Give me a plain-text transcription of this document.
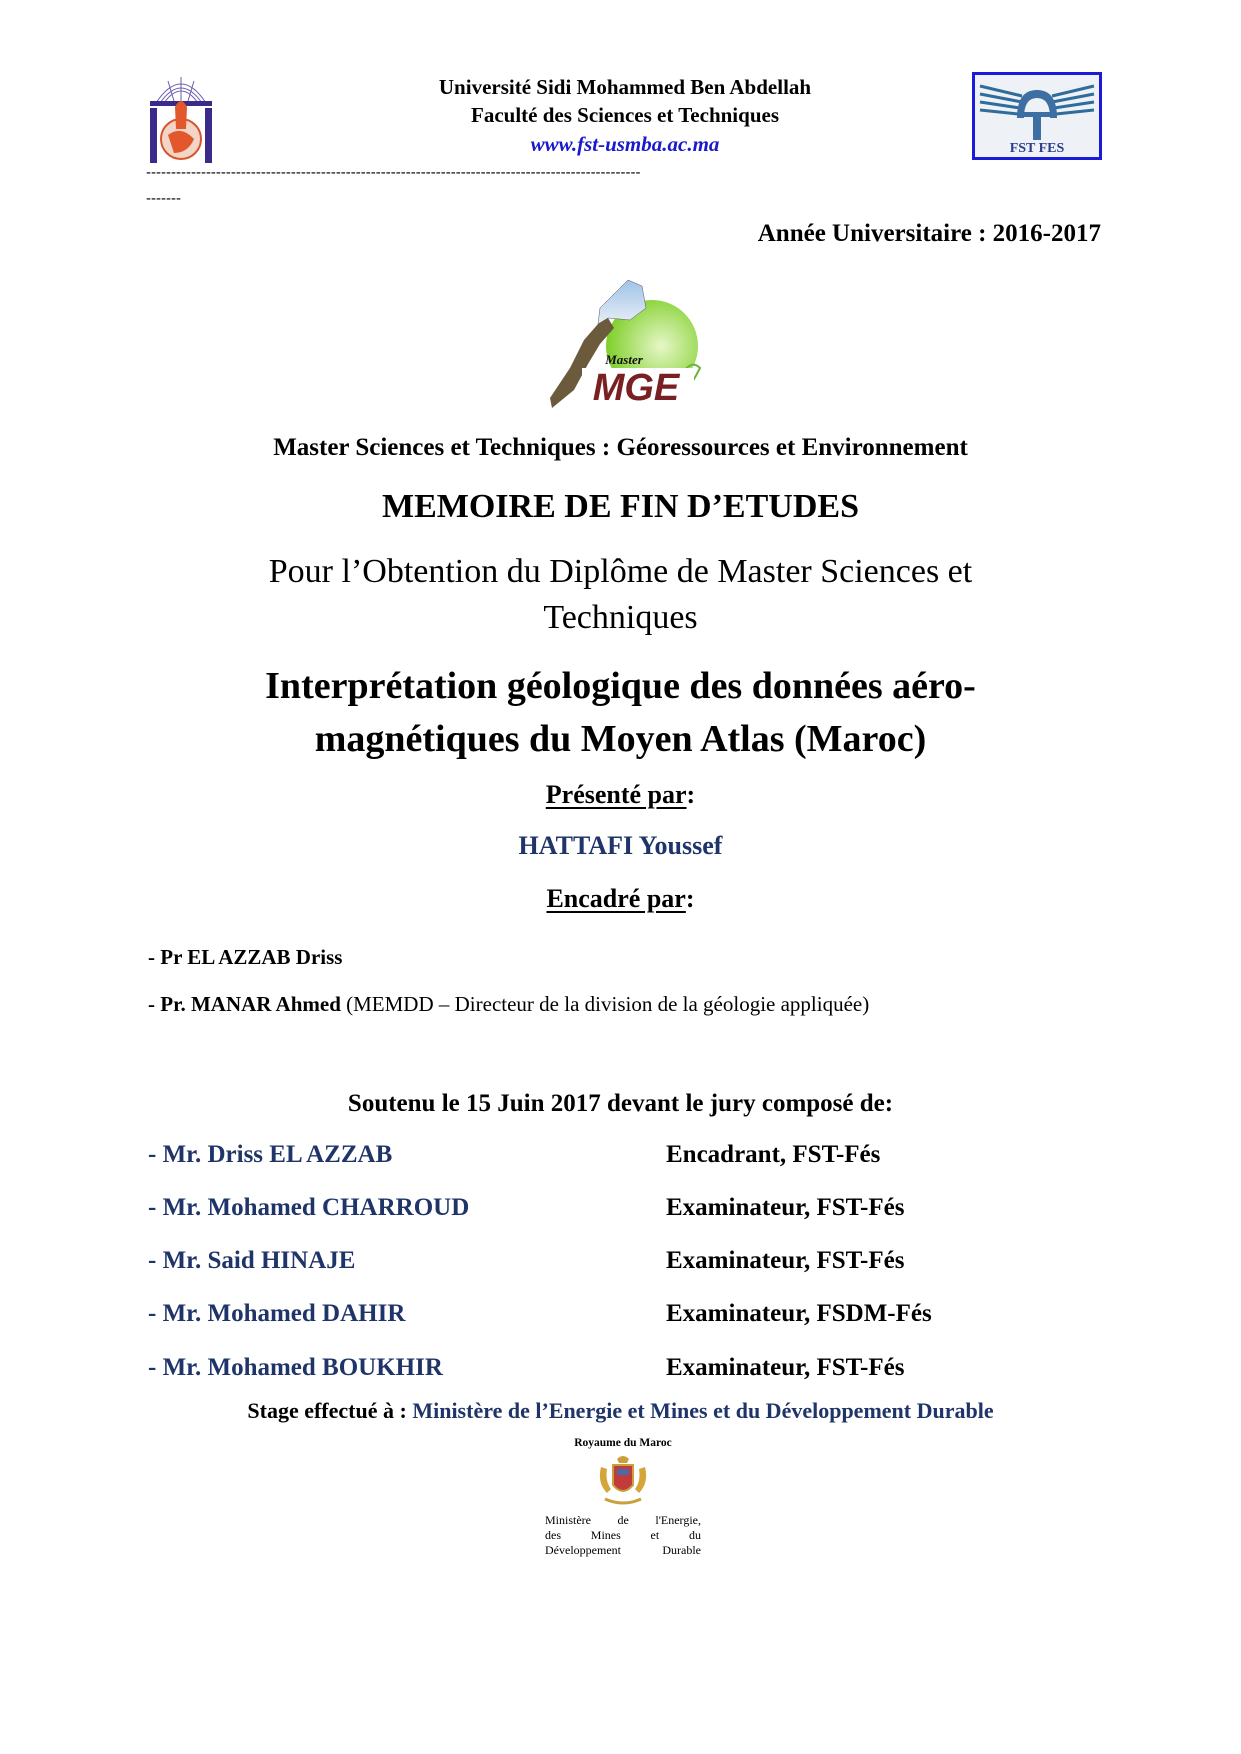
Université Sidi Mohammed Ben Abdellah
Faculté des Sciences et Techniques
www.fst-usmba.ac.ma	FST FES
---------------------------------------------------------------------------------------------------
-------
Année Universitaire : 2016-2017
Master
MGE
Master Sciences et Techniques : Géoressources et Environnement
MEMOIRE DE FIN D’ETUDES
Pour l’Obtention du Diplôme de Master Sciences et
Techniques
Interprétation géologique des données aéro-
magnétiques du Moyen Atlas (Maroc)
Présenté par:
HATTAFI Youssef
Encadré par:
- Pr EL AZZAB Driss
- Pr. MANAR Ahmed (MEMDD – Directeur de la division de la géologie appliquée)
Soutenu le 15 Juin 2017 devant le jury composé de:
- Mr. Driss EL AZZAB	Encadrant, FST-Fés
- Mr. Mohamed CHARROUD	Examinateur, FST-Fés
- Mr. Said HINAJE	Examinateur, FST-Fés
- Mr. Mohamed DAHIR	Examinateur, FSDM-Fés
- Mr. Mohamed BOUKHIR	Examinateur, FST-Fés
Stage effectué à : Ministère de l’Energie et Mines et du Développement Durable
Royaume du Maroc
Ministère de l'Energie,
des Mines et du
Développement Durable
